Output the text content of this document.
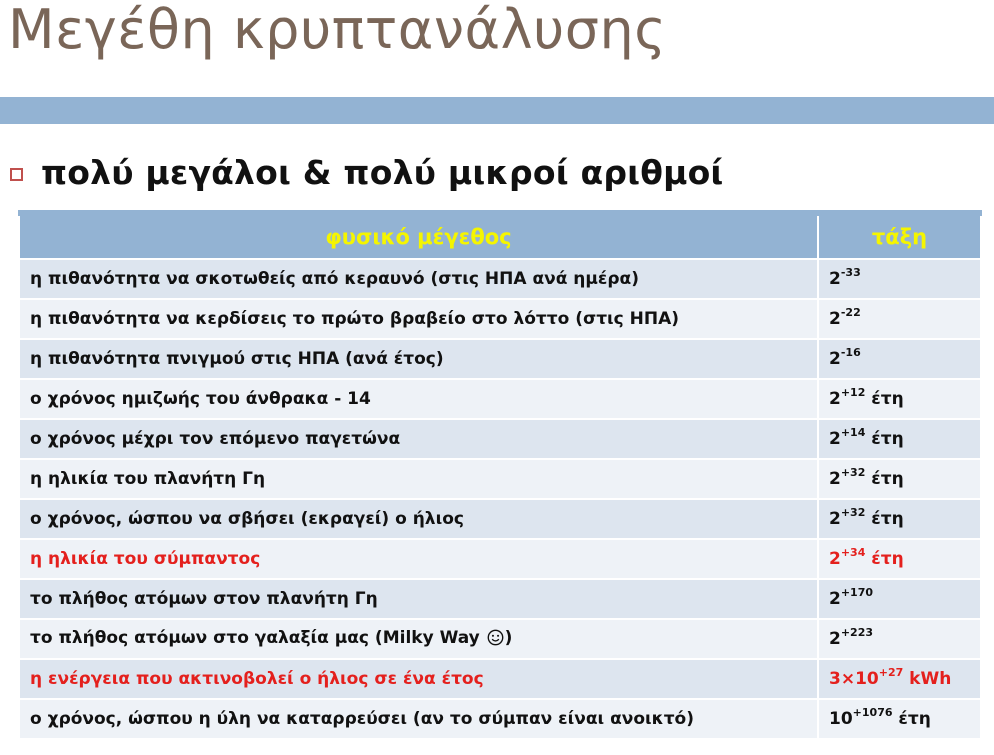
Μεγέθη κρυπτανάλυσης
πολύ μεγάλοι & πολύ μικροί αριθμοί
φυσικό μέγεθος	τάξη
η πιθανότητα να σκοτωθείς από κεραυνό (στις ΗΠΑ ανά ημέρα)	$2^{-33}$
η πιθανότητα να κερδίσεις το πρώτο βραβείο στο λόττο (στις ΗΠΑ)	$2^{-22}$
η πιθανότητα πνιγμού στις ΗΠΑ (ανά έτος)	$2^{-16}$
ο χρόνος ημιζωής του άνθρακα - 14	$2^{+12}$ έτη
ο χρόνος μέχρι τον επόμενο παγετώνα	$2^{+14}$ έτη
η ηλικία του πλανήτη Γη	$2^{+32}$ έτη
ο χρόνος, ώσπου να σβήσει (εκραγεί) ο ήλιος	$2^{+32}$ έτη
η ηλικία του σύμπαντος	$2^{+34}$ έτη
το πλήθος ατόμων στον πλανήτη Γη	$2^{+170}$
το πλήθος ατόμων στο γαλαξία μας (Milky Way )	$2^{+223}$
η ενέργεια που ακτινοβολεί ο ήλιος σε ένα έτος	$3\times 10^{+27}$ kWh
ο χρόνος, ώσπου η ύλη να καταρρεύσει (αν το σύμπαν είναι ανοικτό)	$10^{+1076}$ έτη
